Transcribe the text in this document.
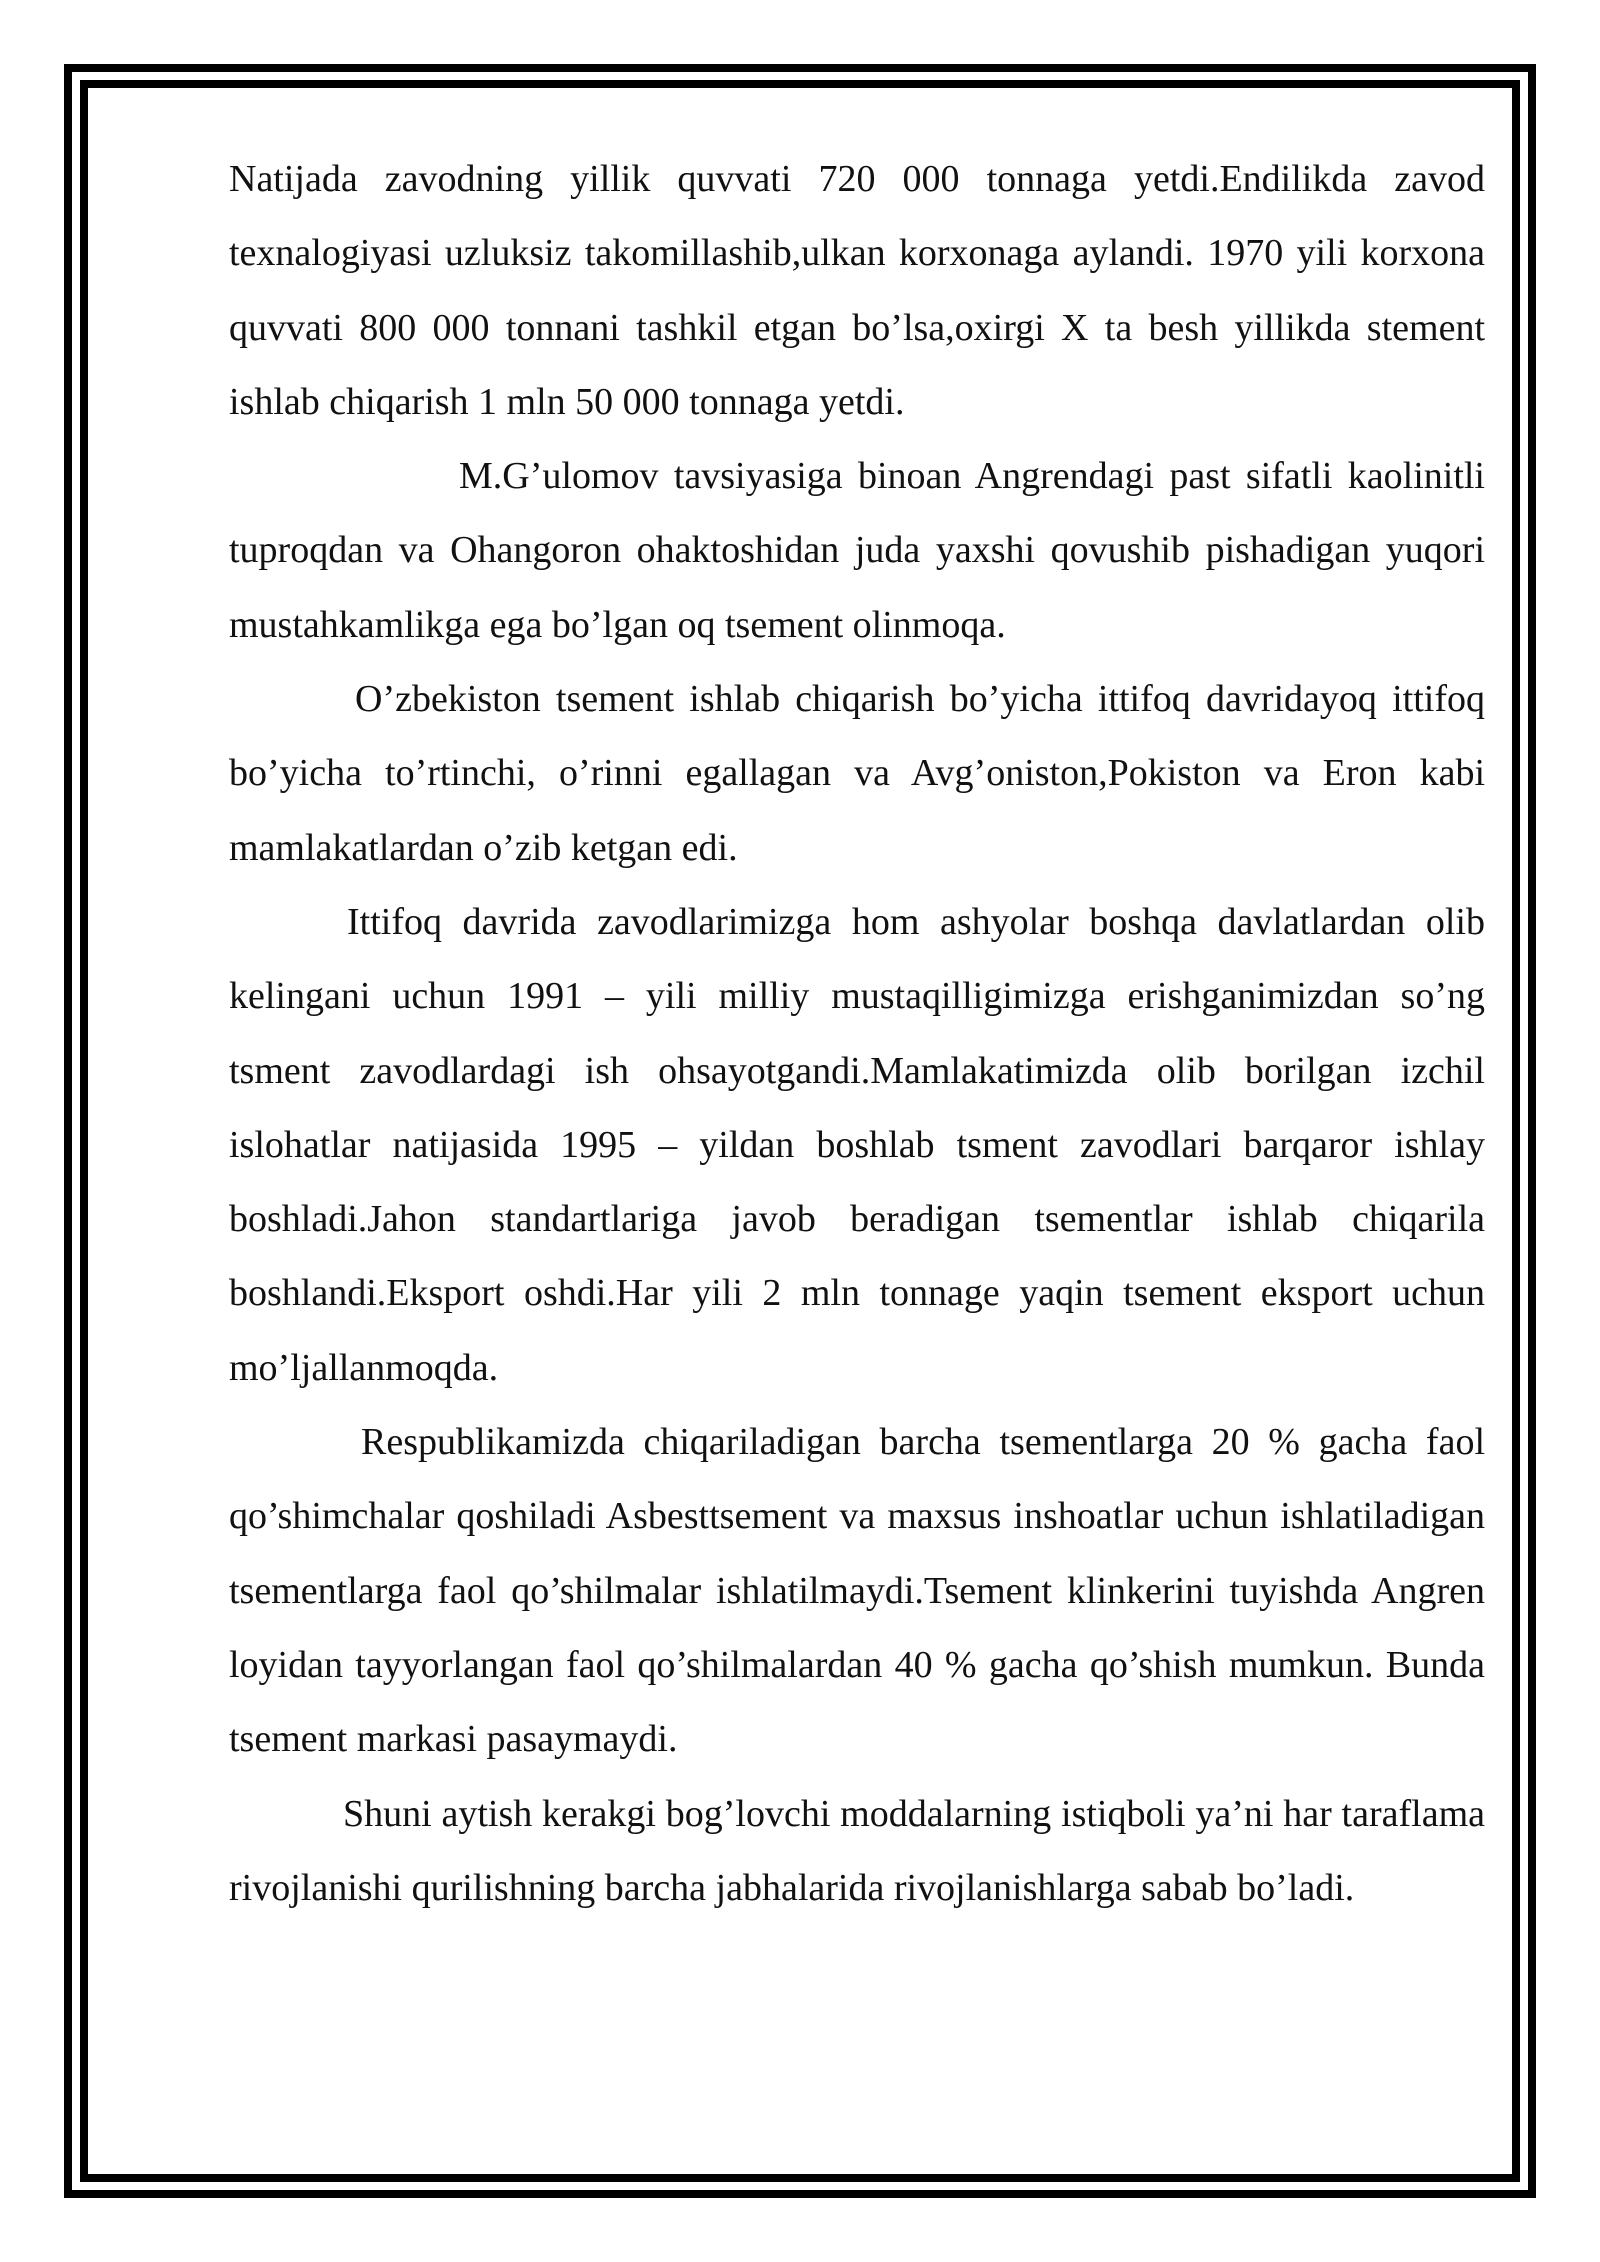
Natijada zavodning yillik quvvati 720 000 tonnaga yetdi.Endilikda zavod texnalogiyasi uzluksiz takomillashib,ulkan korxonaga aylandi. 1970 yili korxona quvvati 800 000 tonnani tashkil etgan bo’lsa,oxirgi X ta besh yillikda stement ishlab chiqarish 1 mln 50 000 tonnaga yetdi.

M.G’ulomov tavsiyasiga binoan Angrendagi past sifatli kaolinitli tuproqdan va Ohangoron ohaktoshidan juda yaxshi qovushib pishadigan yuqori mustahkamlikga ega bo’lgan oq tsement olinmoqa.

O’zbekiston tsement ishlab chiqarish bo’yicha ittifoq davridayoq ittifoq bo’yicha to’rtinchi, o’rinni egallagan va Avg’oniston,Pokiston va Eron kabi mamlakatlardan o’zib ketgan edi.

Ittifoq davrida zavodlarimizga hom ashyolar boshqa davlatlardan olib kelingani uchun 1991 – yili milliy mustaqilligimizga erishganimizdan so’ng tsment zavodlardagi ish ohsayotgandi.Mamlakatimizda olib borilgan izchil islohatlar natijasida 1995 – yildan boshlab tsment zavodlari barqaror ishlay boshladi.Jahon standartlariga javob beradigan tsementlar ishlab chiqarila boshlandi.Eksport oshdi.Har yili 2 mln tonnage yaqin tsement eksport uchun mo’ljallanmoqda.

Respublikamizda chiqariladigan barcha tsementlarga 20 % gacha faol qo’shimchalar qoshiladi Asbesttsement va maxsus inshoatlar uchun ishlatiladigan tsementlarga faol qo’shilmalar ishlatilmaydi.Tsement klinkerini tuyishda Angren loyidan tayyorlangan faol qo’shilmalardan 40 % gacha qo’shish mumkun. Bunda tsement markasi pasaymaydi.

Shuni aytish kerakgi bog’lovchi moddalarning istiqboli ya’ni har taraflama rivojlanishi qurilishning barcha jabhalarida rivojlanishlarga sabab bo’ladi.
